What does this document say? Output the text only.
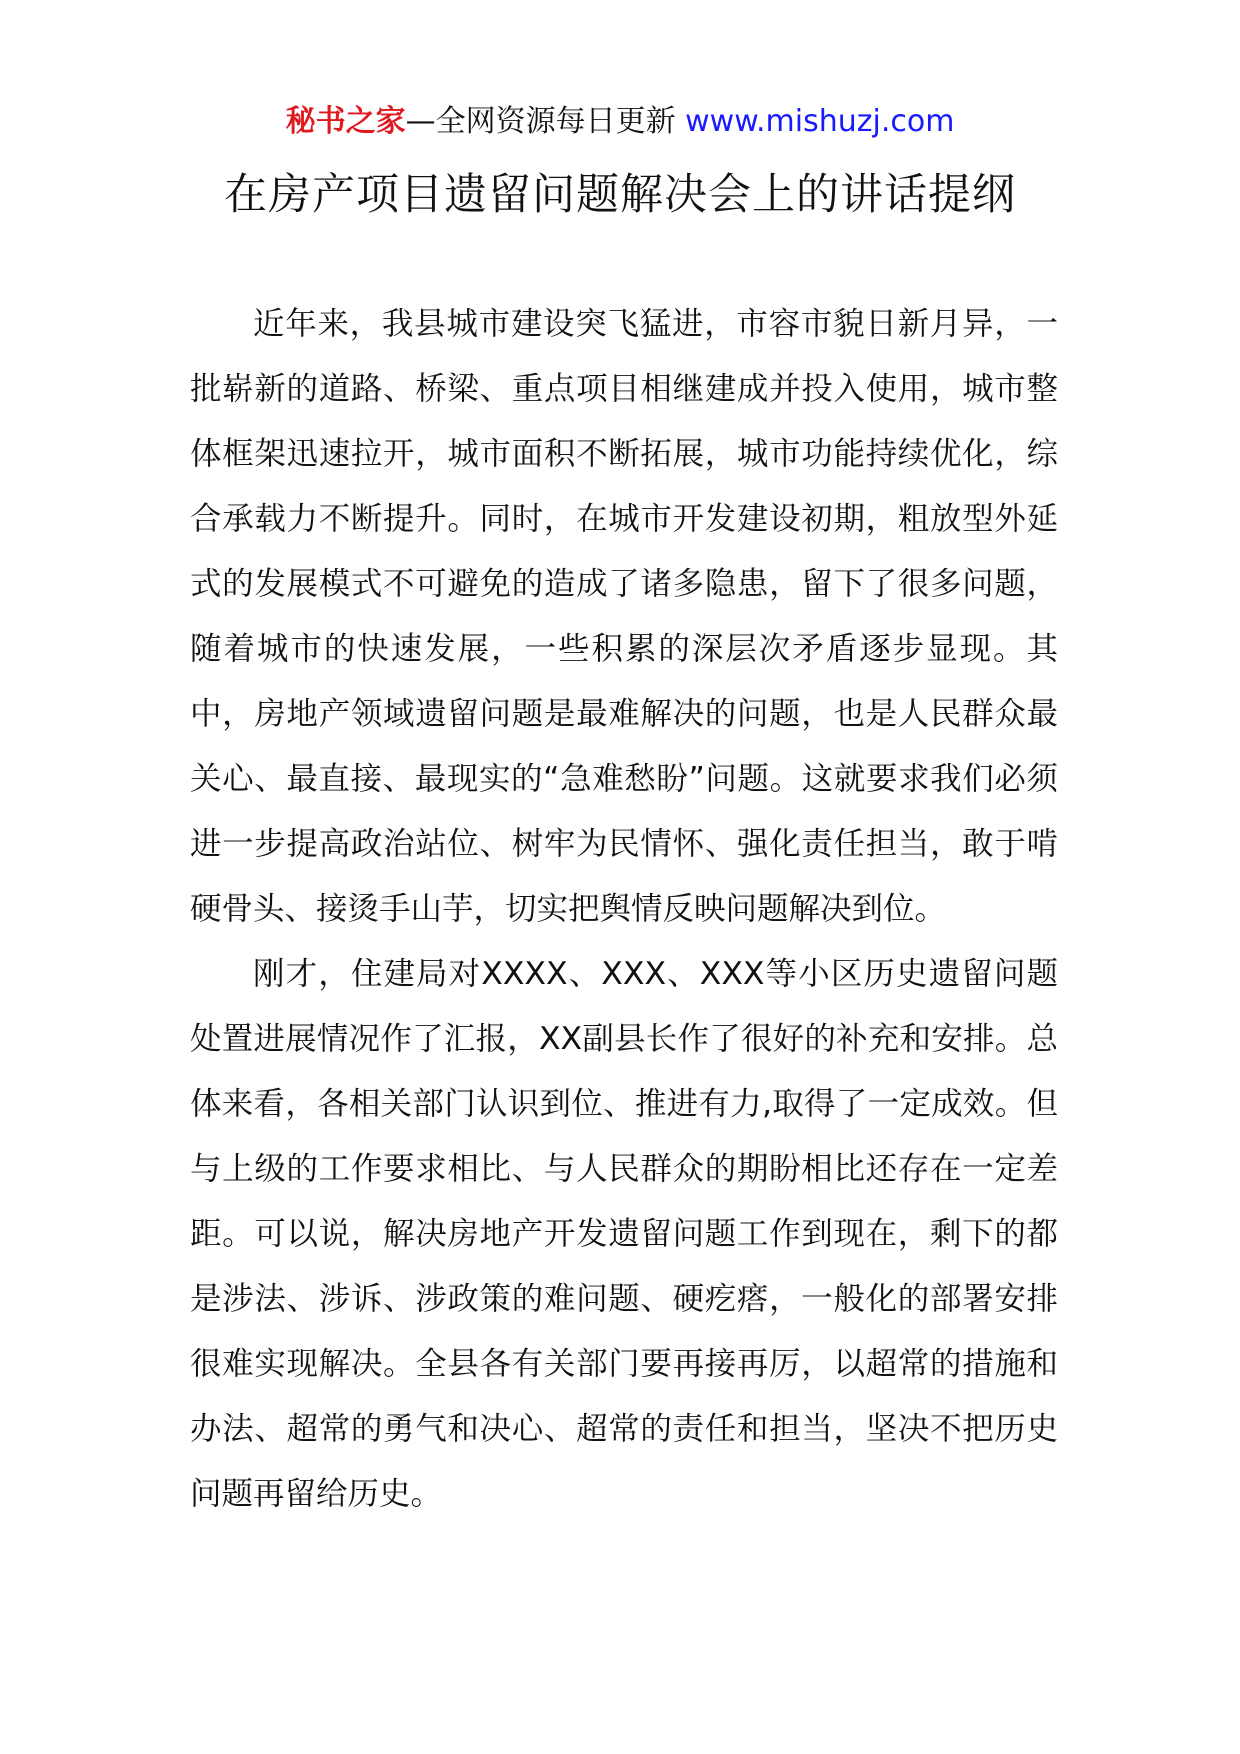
秘书之家—全网资源每日更新 www.mishuzj.com
在房产项目遗留问题解决会上的讲话提纲

近年来，我县城市建设突飞猛进，市容市貌日新月异，一批崭新的道路、桥梁、重点项目相继建成并投入使用，城市整体框架迅速拉开，城市面积不断拓展，城市功能持续优化，综合承载力不断提升。同时，在城市开发建设初期，粗放型外延式的发展模式不可避免的造成了诸多隐患，留下了很多问题，随着城市的快速发展，一些积累的深层次矛盾逐步显现。其中，房地产领域遗留问题是最难解决的问题，也是人民群众最关心、最直接、最现实的“急难愁盼”问题。这就要求我们必须进一步提高政治站位、树牢为民情怀、强化责任担当，敢于啃硬骨头、接烫手山芋，切实把舆情反映问题解决到位。

刚才，住建局对XXXX、XXX、XXX等小区历史遗留问题处置进展情况作了汇报，XX副县长作了很好的补充和安排。总体来看，各相关部门认识到位、推进有力,取得了一定成效。但与上级的工作要求相比、与人民群众的期盼相比还存在一定差距。可以说，解决房地产开发遗留问题工作到现在，剩下的都是涉法、涉诉、涉政策的难问题、硬疙瘩，一般化的部署安排很难实现解决。全县各有关部门要再接再厉，以超常的措施和办法、超常的勇气和决心、超常的责任和担当，坚决不把历史问题再留给历史。
